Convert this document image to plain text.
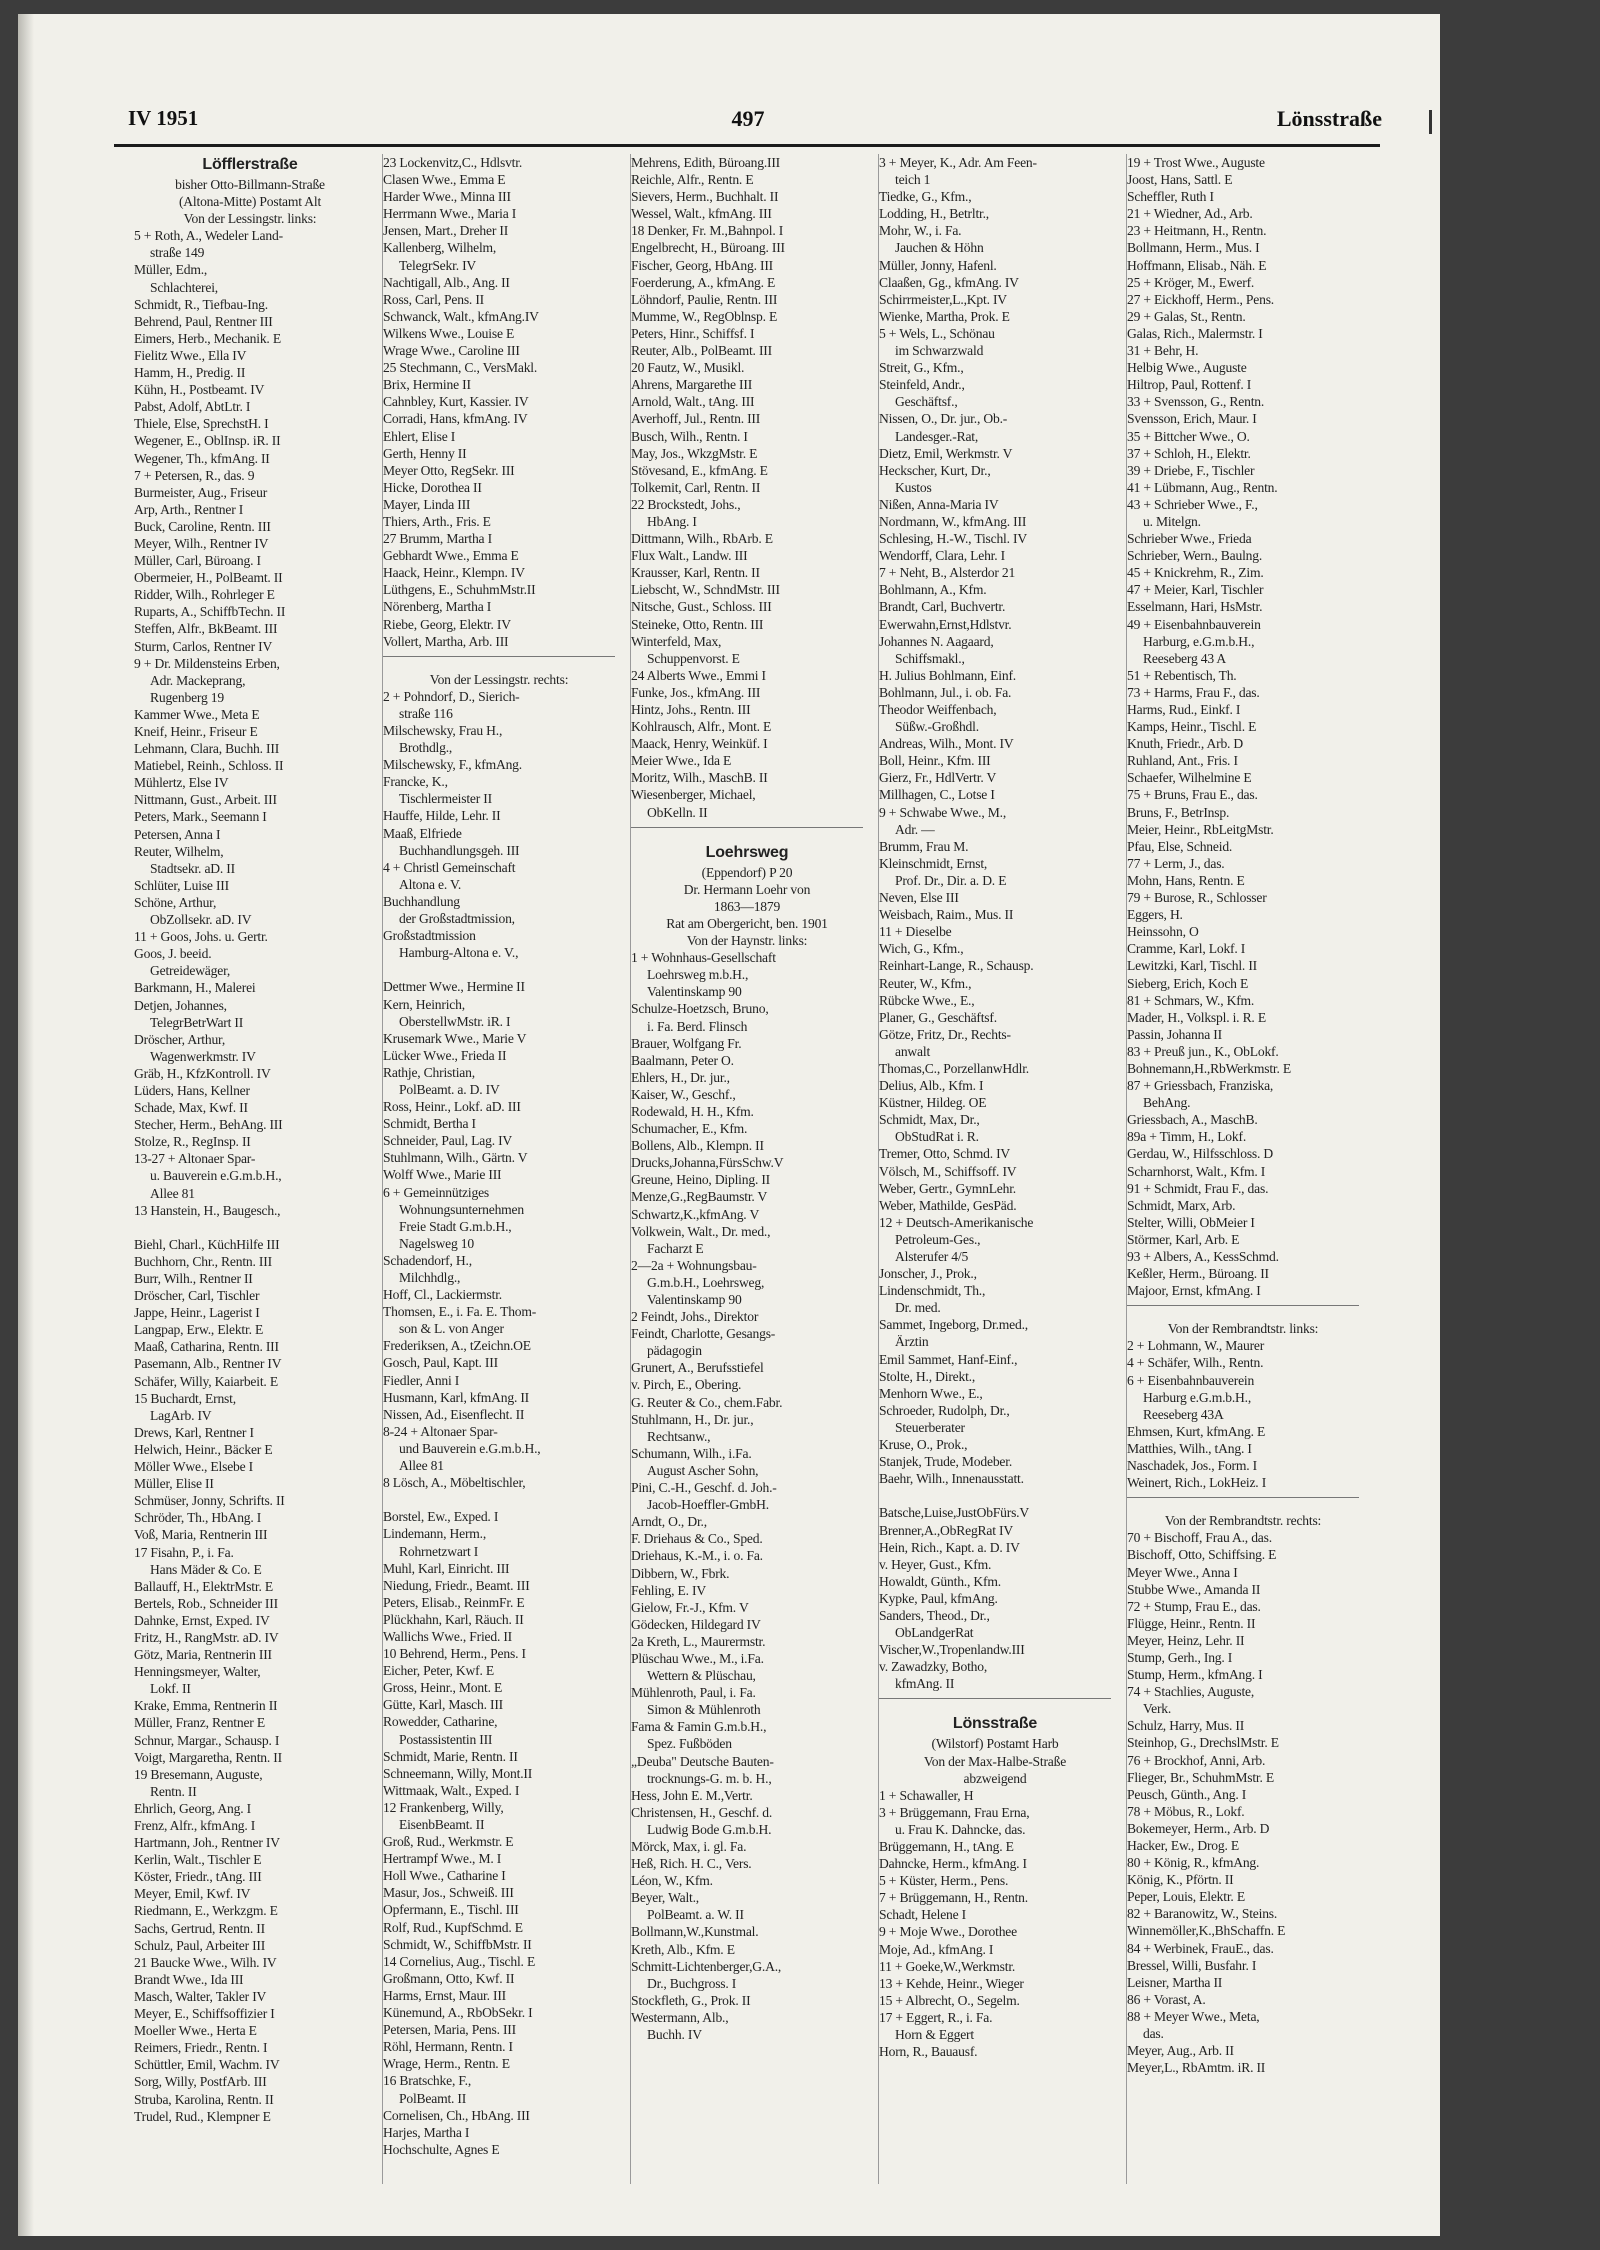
IV 1951	497	Lönsstraße
Löfflerstraße
bisher Otto-Billmann-Straße
(Altona-Mitte) Postamt Alt
Von der Lessingstr. links:
5 + Roth, A., Wedeler Land-
straße 149
Müller, Edm.,
Schlachterei,
Schmidt, R., Tiefbau-Ing.
Behrend, Paul, Rentner III
Eimers, Herb., Mechanik. E
Fielitz Wwe., Ella IV
Hamm, H., Predig. II
Kühn, H., Postbeamt. IV
Pabst, Adolf, AbtLtr. I
Thiele, Else, SprechstH. I
Wegener, E., OblInsp. iR. II
Wegener, Th., kfmAng. II
7 + Petersen, R., das. 9
Burmeister, Aug., Friseur
Arp, Arth., Rentner I
Buck, Caroline, Rentn. III
Meyer, Wilh., Rentner IV
Müller, Carl, Büroang. I
Obermeier, H., PolBeamt. II
Ridder, Wilh., Rohrleger E
Ruparts, A., SchiffbTechn. II
Steffen, Alfr., BkBeamt. III
Sturm, Carlos, Rentner IV
9 + Dr. Mildensteins Erben,
Adr. Mackeprang,
Rugenberg 19
Kammer Wwe., Meta E
Kneif, Heinr., Friseur E
Lehmann, Clara, Buchh. III
Matiebel, Reinh., Schloss. II
Mühlertz, Else IV
Nittmann, Gust., Arbeit. III
Peters, Mark., Seemann I
Petersen, Anna I
Reuter, Wilhelm,
Stadtsekr. aD. II
Schlüter, Luise III
Schöne, Arthur,
ObZollsekr. aD. IV
11 + Goos, Johs. u. Gertr.
Goos, J. beeid.
Getreidewäger,
Barkmann, H., Malerei
Detjen, Johannes,
TelegrBetrWart II
Dröscher, Arthur,
Wagenwerkmstr. IV
Gräb, H., KfzKontroll. IV
Lüders, Hans, Kellner
Schade, Max, Kwf. II
Stecher, Herm., BehAng. III
Stolze, R., RegInsp. II
13-27 + Altonaer Spar-
u. Bauverein e.G.m.b.H.,
Allee 81
13 Hanstein, H., Baugesch.,
Biehl, Charl., KüchHilfe III
Buchhorn, Chr., Rentn. III
Burr, Wilh., Rentner II
Dröscher, Carl, Tischler
Jappe, Heinr., Lagerist I
Langpap, Erw., Elektr. E
Maaß, Catharina, Rentn. III
Pasemann, Alb., Rentner IV
Schäfer, Willy, Kaiarbeit. E
15 Buchardt, Ernst,
LagArb. IV
Drews, Karl, Rentner I
Helwich, Heinr., Bäcker E
Möller Wwe., Elsebe I
Müller, Elise II
Schmüser, Jonny, Schrifts. II
Schröder, Th., HbAng. I
Voß, Maria, Rentnerin III
17 Fisahn, P., i. Fa.
Hans Mäder & Co. E
Ballauff, H., ElektrMstr. E
Bertels, Rob., Schneider III
Dahnke, Ernst, Exped. IV
Fritz, H., RangMstr. aD. IV
Götz, Maria, Rentnerin III
Henningsmeyer, Walter,
Lokf. II
Krake, Emma, Rentnerin II
Müller, Franz, Rentner E
Schnur, Margar., Schausp. I
Voigt, Margaretha, Rentn. II
19 Bresemann, Auguste,
Rentn. II
Ehrlich, Georg, Ang. I
Frenz, Alfr., kfmAng. I
Hartmann, Joh., Rentner IV
Kerlin, Walt., Tischler E
Köster, Friedr., tAng. III
Meyer, Emil, Kwf. IV
Riedmann, E., Werkzgm. E
Sachs, Gertrud, Rentn. II
Schulz, Paul, Arbeiter III
21 Baucke Wwe., Wilh. IV
Brandt Wwe., Ida III
Masch, Walter, Takler IV
Meyer, E., Schiffsoffizier I
Moeller Wwe., Herta E
Reimers, Friedr., Rentn. I
Schüttler, Emil, Wachm. IV
Sorg, Willy, PostfArb. III
Struba, Karolina, Rentn. II
Trudel, Rud., Klempner E
23 Lockenvitz,C., Hdlsvtr.
Clasen Wwe., Emma E
Harder Wwe., Minna III
Herrmann Wwe., Maria I
Jensen, Mart., Dreher II
Kallenberg, Wilhelm,
TelegrSekr. IV
Nachtigall, Alb., Ang. II
Ross, Carl, Pens. II
Schwanck, Walt., kfmAng.IV
Wilkens Wwe., Louise E
Wrage Wwe., Caroline III
25 Stechmann, C., VersMakl.
Brix, Hermine II
Cahnbley, Kurt, Kassier. IV
Corradi, Hans, kfmAng. IV
Ehlert, Elise I
Gerth, Henny II
Meyer Otto, RegSekr. III
Hicke, Dorothea II
Mayer, Linda III
Thiers, Arth., Fris. E
27 Brumm, Martha I
Gebhardt Wwe., Emma E
Haack, Heinr., Klempn. IV
Lüthgens, E., SchuhmMstr.II
Nörenberg, Martha I
Riebe, Georg, Elektr. IV
Vollert, Martha, Arb. III
Von der Lessingstr. rechts:
2 + Pohndorf, D., Sierich-
straße 116
Milschewsky, Frau H.,
Brothdlg.,
Milschewsky, F., kfmAng.
Francke, K.,
Tischlermeister II
Hauffe, Hilde, Lehr. II
Maaß, Elfriede
Buchhandlungsgeh. III
4 + Christl Gemeinschaft
Altona e. V.
Buchhandlung
der Großstadtmission,
Großstadtmission
Hamburg-Altona e. V.,
Dettmer Wwe., Hermine II
Kern, Heinrich,
OberstellwMstr. iR. I
Krusemark Wwe., Marie V
Lücker Wwe., Frieda II
Rathje, Christian,
PolBeamt. a. D. IV
Ross, Heinr., Lokf. aD. III
Schmidt, Bertha I
Schneider, Paul, Lag. IV
Stuhlmann, Wilh., Gärtn. V
Wolff Wwe., Marie III
6 + Gemeinnütziges
Wohnungsunternehmen
Freie Stadt G.m.b.H.,
Nagelsweg 10
Schadendorf, H.,
Milchhdlg.,
Hoff, Cl., Lackiermstr.
Thomsen, E., i. Fa. E. Thom-
son & L. von Anger
Frederiksen, A., tZeichn.OE
Gosch, Paul, Kapt. III
Fiedler, Anni I
Husmann, Karl, kfmAng. II
Nissen, Ad., Eisenflecht. II
8-24 + Altonaer Spar-
und Bauverein e.G.m.b.H.,
Allee 81
8 Lösch, A., Möbeltischler,
Borstel, Ew., Exped. I
Lindemann, Herm.,
Rohrnetzwart I
Muhl, Karl, Einricht. III
Niedung, Friedr., Beamt. III
Peters, Elisab., ReinmFr. E
Plückhahn, Karl, Räuch. II
Wallichs Wwe., Fried. II
10 Behrend, Herm., Pens. I
Eicher, Peter, Kwf. E
Gross, Heinr., Mont. E
Gütte, Karl, Masch. III
Rowedder, Catharine,
Postassistentin III
Schmidt, Marie, Rentn. II
Schneemann, Willy, Mont.II
Wittmaak, Walt., Exped. I
12 Frankenberg, Willy,
EisenbBeamt. II
Groß, Rud., Werkmstr. E
Hertrampf Wwe., M. I
Holl Wwe., Catharine I
Masur, Jos., Schweiß. III
Opfermann, E., Tischl. III
Rolf, Rud., KupfSchmd. E
Schmidt, W., SchiffbMstr. II
14 Cornelius, Aug., Tischl. E
Großmann, Otto, Kwf. II
Harms, Ernst, Maur. III
Künemund, A., RbObSekr. I
Petersen, Maria, Pens. III
Röhl, Hermann, Rentn. I
Wrage, Herm., Rentn. E
16 Bratschke, F.,
PolBeamt. II
Cornelisen, Ch., HbAng. III
Harjes, Martha I
Hochschulte, Agnes E
Mehrens, Edith, Büroang.III
Reichle, Alfr., Rentn. E
Sievers, Herm., Buchhalt. II
Wessel, Walt., kfmAng. III
18 Denker, Fr. M.,Bahnpol. I
Engelbrecht, H., Büroang. III
Fischer, Georg, HbAng. III
Foerderung, A., kfmAng. E
Löhndorf, Paulie, Rentn. III
Mumme, W., RegOblnsp. E
Peters, Hinr., Schiffsf. I
Reuter, Alb., PolBeamt. III
20 Fautz, W., Musikl.
Ahrens, Margarethe III
Arnold, Walt., tAng. III
Averhoff, Jul., Rentn. III
Busch, Wilh., Rentn. I
May, Jos., WkzgMstr. E
Stövesand, E., kfmAng. E
Tolkemit, Carl, Rentn. II
22 Brockstedt, Johs.,
HbAng. I
Dittmann, Wilh., RbArb. E
Flux Walt., Landw. III
Krausser, Karl, Rentn. II
Liebscht, W., SchndMstr. III
Nitsche, Gust., Schloss. III
Steineke, Otto, Rentn. III
Winterfeld, Max,
Schuppenvorst. E
24 Alberts Wwe., Emmi I
Funke, Jos., kfmAng. III
Hintz, Johs., Rentn. III
Kohlrausch, Alfr., Mont. E
Maack, Henry, Weinküf. I
Meier Wwe., Ida E
Moritz, Wilh., MaschB. II
Wiesenberger, Michael,
ObKelln. II
Loehrsweg
(Eppendorf) P 20
Dr. Hermann Loehr von
1863—1879
Rat am Obergericht, ben. 1901
Von der Haynstr. links:
1 + Wohnhaus-Gesellschaft
Loehrsweg m.b.H.,
Valentinskamp 90
Schulze-Hoetzsch, Bruno,
i. Fa. Berd. Flinsch
Brauer, Wolfgang Fr.
Baalmann, Peter O.
Ehlers, H., Dr. jur.,
Kaiser, W., Geschf.,
Rodewald, H. H., Kfm.
Schumacher, E., Kfm.
Bollens, Alb., Klempn. II
Drucks,Johanna,FürsSchw.V
Greune, Heino, Dipling. II
Menze,G.,RegBaumstr. V
Schwartz,K.,kfmAng. V
Volkwein, Walt., Dr. med.,
Facharzt E
2—2a + Wohnungsbau-
G.m.b.H., Loehrsweg,
Valentinskamp 90
2 Feindt, Johs., Direktor
Feindt, Charlotte, Gesangs-
pädagogin
Grunert, A., Berufsstiefel
v. Pirch, E., Obering.
G. Reuter & Co., chem.Fabr.
Stuhlmann, H., Dr. jur.,
Rechtsanw.,
Schumann, Wilh., i.Fa.
August Ascher Sohn,
Pini, C.-H., Geschf. d. Joh.-
Jacob-Hoeffler-GmbH.
Arndt, O., Dr.,
F. Driehaus & Co., Sped.
Driehaus, K.-M., i. o. Fa.
Dibbern, W., Fbrk.
Fehling, E. IV
Gielow, Fr.-J., Kfm. V
Gödecken, Hildegard IV
2a Kreth, L., Maurermstr.
Plüschau Wwe., M., i.Fa.
Wettern & Plüschau,
Mühlenroth, Paul, i. Fa.
Simon & Mühlenroth
Fama & Famin G.m.b.H.,
Spez. Fußböden
„Deuba" Deutsche Bauten-
trocknungs-G. m. b. H.,
Hess, John E. M.,Vertr.
Christensen, H., Geschf. d.
Ludwig Bode G.m.b.H.
Mörck, Max, i. gl. Fa.
Heß, Rich. H. C., Vers.
Léon, W., Kfm.
Beyer, Walt.,
PolBeamt. a. W. II
Bollmann,W.,Kunstmal.
Kreth, Alb., Kfm. E
Schmitt-Lichtenberger,G.A.,
Dr., Buchgross. I
Stockfleth, G., Prok. II
Westermann, Alb.,
Buchh. IV
3 + Meyer, K., Adr. Am Feen-
teich 1
Tiedke, G., Kfm.,
Lodding, H., Betrltr.,
Mohr, W., i. Fa.
Jauchen & Höhn
Müller, Jonny, Hafenl.
Claaßen, Gg., kfmAng. IV
Schirrmeister,L.,Kpt. IV
Wienke, Martha, Prok. E
5 + Wels, L., Schönau
im Schwarzwald
Streit, G., Kfm.,
Steinfeld, Andr.,
Geschäftsf.,
Nissen, O., Dr. jur., Ob.-
Landesger.-Rat,
Dietz, Emil, Werkmstr. V
Heckscher, Kurt, Dr.,
Kustos
Nißen, Anna-Maria IV
Nordmann, W., kfmAng. III
Schlesing, H.-W., Tischl. IV
Wendorff, Clara, Lehr. I
7 + Neht, B., Alsterdor 21
Bohlmann, A., Kfm.
Brandt, Carl, Buchvertr.
Ewerwahn,Ernst,Hdlstvr.
Johannes N. Aagaard,
Schiffsmakl.,
H. Julius Bohlmann, Einf.
Bohlmann, Jul., i. ob. Fa.
Theodor Weiffenbach,
Süßw.-Großhdl.
Andreas, Wilh., Mont. IV
Boll, Heinr., Kfm. III
Gierz, Fr., HdlVertr. V
Millhagen, C., Lotse I
9 + Schwabe Wwe., M.,
Adr. —
Brumm, Frau M.
Kleinschmidt, Ernst,
Prof. Dr., Dir. a. D. E
Neven, Else III
Weisbach, Raim., Mus. II
11 + Dieselbe
Wich, G., Kfm.,
Reinhart-Lange, R., Schausp.
Reuter, W., Kfm.,
Rübcke Wwe., E.,
Planer, G., Geschäftsf.
Götze, Fritz, Dr., Rechts-
anwalt
Thomas,C., PorzellanwHdlr.
Delius, Alb., Kfm. I
Küstner, Hildeg. OE
Schmidt, Max, Dr.,
ObStudRat i. R.
Tremer, Otto, Schmd. IV
Völsch, M., Schiffsoff. IV
Weber, Gertr., GymnLehr.
Weber, Mathilde, GesPäd.
12 + Deutsch-Amerikanische
Petroleum-Ges.,
Alsterufer 4/5
Jonscher, J., Prok.,
Lindenschmidt, Th.,
Dr. med.
Sammet, Ingeborg, Dr.med.,
Ärztin
Emil Sammet, Hanf-Einf.,
Stolte, H., Direkt.,
Menhorn Wwe., E.,
Schroeder, Rudolph, Dr.,
Steuerberater
Kruse, O., Prok.,
Stanjek, Trude, Modeber.
Baehr, Wilh., Innenausstatt.
Batsche,Luise,JustObFürs.V
Brenner,A.,ObRegRat IV
Hein, Rich., Kapt. a. D. IV
v. Heyer, Gust., Kfm.
Howaldt, Günth., Kfm.
Kypke, Paul, kfmAng.
Sanders, Theod., Dr.,
ObLandgerRat
Vischer,W.,Tropenlandw.III
v. Zawadzky, Botho,
kfmAng. II
Lönsstraße
(Wilstorf) Postamt Harb
Von der Max-Halbe-Straße
abzweigend
1 + Schawaller, H
3 + Brüggemann, Frau Erna,
u. Frau K. Dahncke, das.
Brüggemann, H., tAng. E
Dahncke, Herm., kfmAng. I
5 + Küster, Herm., Pens.
7 + Brüggemann, H., Rentn.
Schadt, Helene I
9 + Moje Wwe., Dorothee
Moje, Ad., kfmAng. I
11 + Goeke,W.,Werkmstr.
13 + Kehde, Heinr., Wieger
15 + Albrecht, O., Segelm.
17 + Eggert, R., i. Fa.
Horn & Eggert
Horn, R., Bauausf.
19 + Trost Wwe., Auguste
Joost, Hans, Sattl. E
Scheffler, Ruth I
21 + Wiedner, Ad., Arb.
23 + Heitmann, H., Rentn.
Bollmann, Herm., Mus. I
Hoffmann, Elisab., Näh. E
25 + Kröger, M., Ewerf.
27 + Eickhoff, Herm., Pens.
29 + Galas, St., Rentn.
Galas, Rich., Malermstr. I
31 + Behr, H.
Helbig Wwe., Auguste
Hiltrop, Paul, Rottenf. I
33 + Svensson, G., Rentn.
Svensson, Erich, Maur. I
35 + Bittcher Wwe., O.
37 + Schloh, H., Elektr.
39 + Driebe, F., Tischler
41 + Lübmann, Aug., Rentn.
43 + Schrieber Wwe., F.,
u. Mitelgn.
Schrieber Wwe., Frieda
Schrieber, Wern., Baulng.
45 + Knickrehm, R., Zim.
47 + Meier, Karl, Tischler
Esselmann, Hari, HsMstr.
49 + Eisenbahnbauverein
Harburg, e.G.m.b.H.,
Reeseberg 43 A
51 + Rebentisch, Th.
73 + Harms, Frau F., das.
Harms, Rud., Einkf. I
Kamps, Heinr., Tischl. E
Knuth, Friedr., Arb. D
Ruhland, Ant., Fris. I
Schaefer, Wilhelmine E
75 + Bruns, Frau E., das.
Bruns, F., BetrInsp.
Meier, Heinr., RbLeitgMstr.
Pfau, Else, Schneid.
77 + Lerm, J., das.
Mohn, Hans, Rentn. E
79 + Burose, R., Schlosser
Eggers, H.
Heinssohn, O
Cramme, Karl, Lokf. I
Lewitzki, Karl, Tischl. II
Sieberg, Erich, Koch E
81 + Schmars, W., Kfm.
Mader, H., Volkspl. i. R. E
Passin, Johanna II
83 + Preuß jun., K., ObLokf.
Bohnemann,H.,RbWerkmstr. E
87 + Griessbach, Franziska,
BehAng.
Griessbach, A., MaschB.
89a + Timm, H., Lokf.
Gerdau, W., Hilfsschloss. D
Scharnhorst, Walt., Kfm. I
91 + Schmidt, Frau F., das.
Schmidt, Marx, Arb.
Stelter, Willi, ObMeier I
Störmer, Karl, Arb. E
93 + Albers, A., KessSchmd.
Keßler, Herm., Büroang. II
Majoor, Ernst, kfmAng. I
Von der Rembrandtstr. links:
2 + Lohmann, W., Maurer
4 + Schäfer, Wilh., Rentn.
6 + Eisenbahnbauverein
Harburg e.G.m.b.H.,
Reeseberg 43A
Ehmsen, Kurt, kfmAng. E
Matthies, Wilh., tAng. I
Naschadek, Jos., Form. I
Weinert, Rich., LokHeiz. I
Von der Rembrandtstr. rechts:
70 + Bischoff, Frau A., das.
Bischoff, Otto, Schiffsing. E
Meyer Wwe., Anna I
Stubbe Wwe., Amanda II
72 + Stump, Frau E., das.
Flügge, Heinr., Rentn. II
Meyer, Heinz, Lehr. II
Stump, Gerh., Ing. I
Stump, Herm., kfmAng. I
74 + Stachlies, Auguste,
Verk.
Schulz, Harry, Mus. II
Steinhop, G., DrechslMstr. E
76 + Brockhof, Anni, Arb.
Flieger, Br., SchuhmMstr. E
Peusch, Günth., Ang. I
78 + Möbus, R., Lokf.
Bokemeyer, Herm., Arb. D
Hacker, Ew., Drog. E
80 + König, R., kfmAng.
König, K., Pförtn. II
Peper, Louis, Elektr. E
82 + Baranowitz, W., Steins.
Winnemöller,K.,BhSchaffn. E
84 + Werbinek, FrauE., das.
Bressel, Willi, Busfahr. I
Leisner, Martha II
86 + Vorast, A.
88 + Meyer Wwe., Meta,
das.
Meyer, Aug., Arb. II
Meyer,L., RbAmtm. iR. II
